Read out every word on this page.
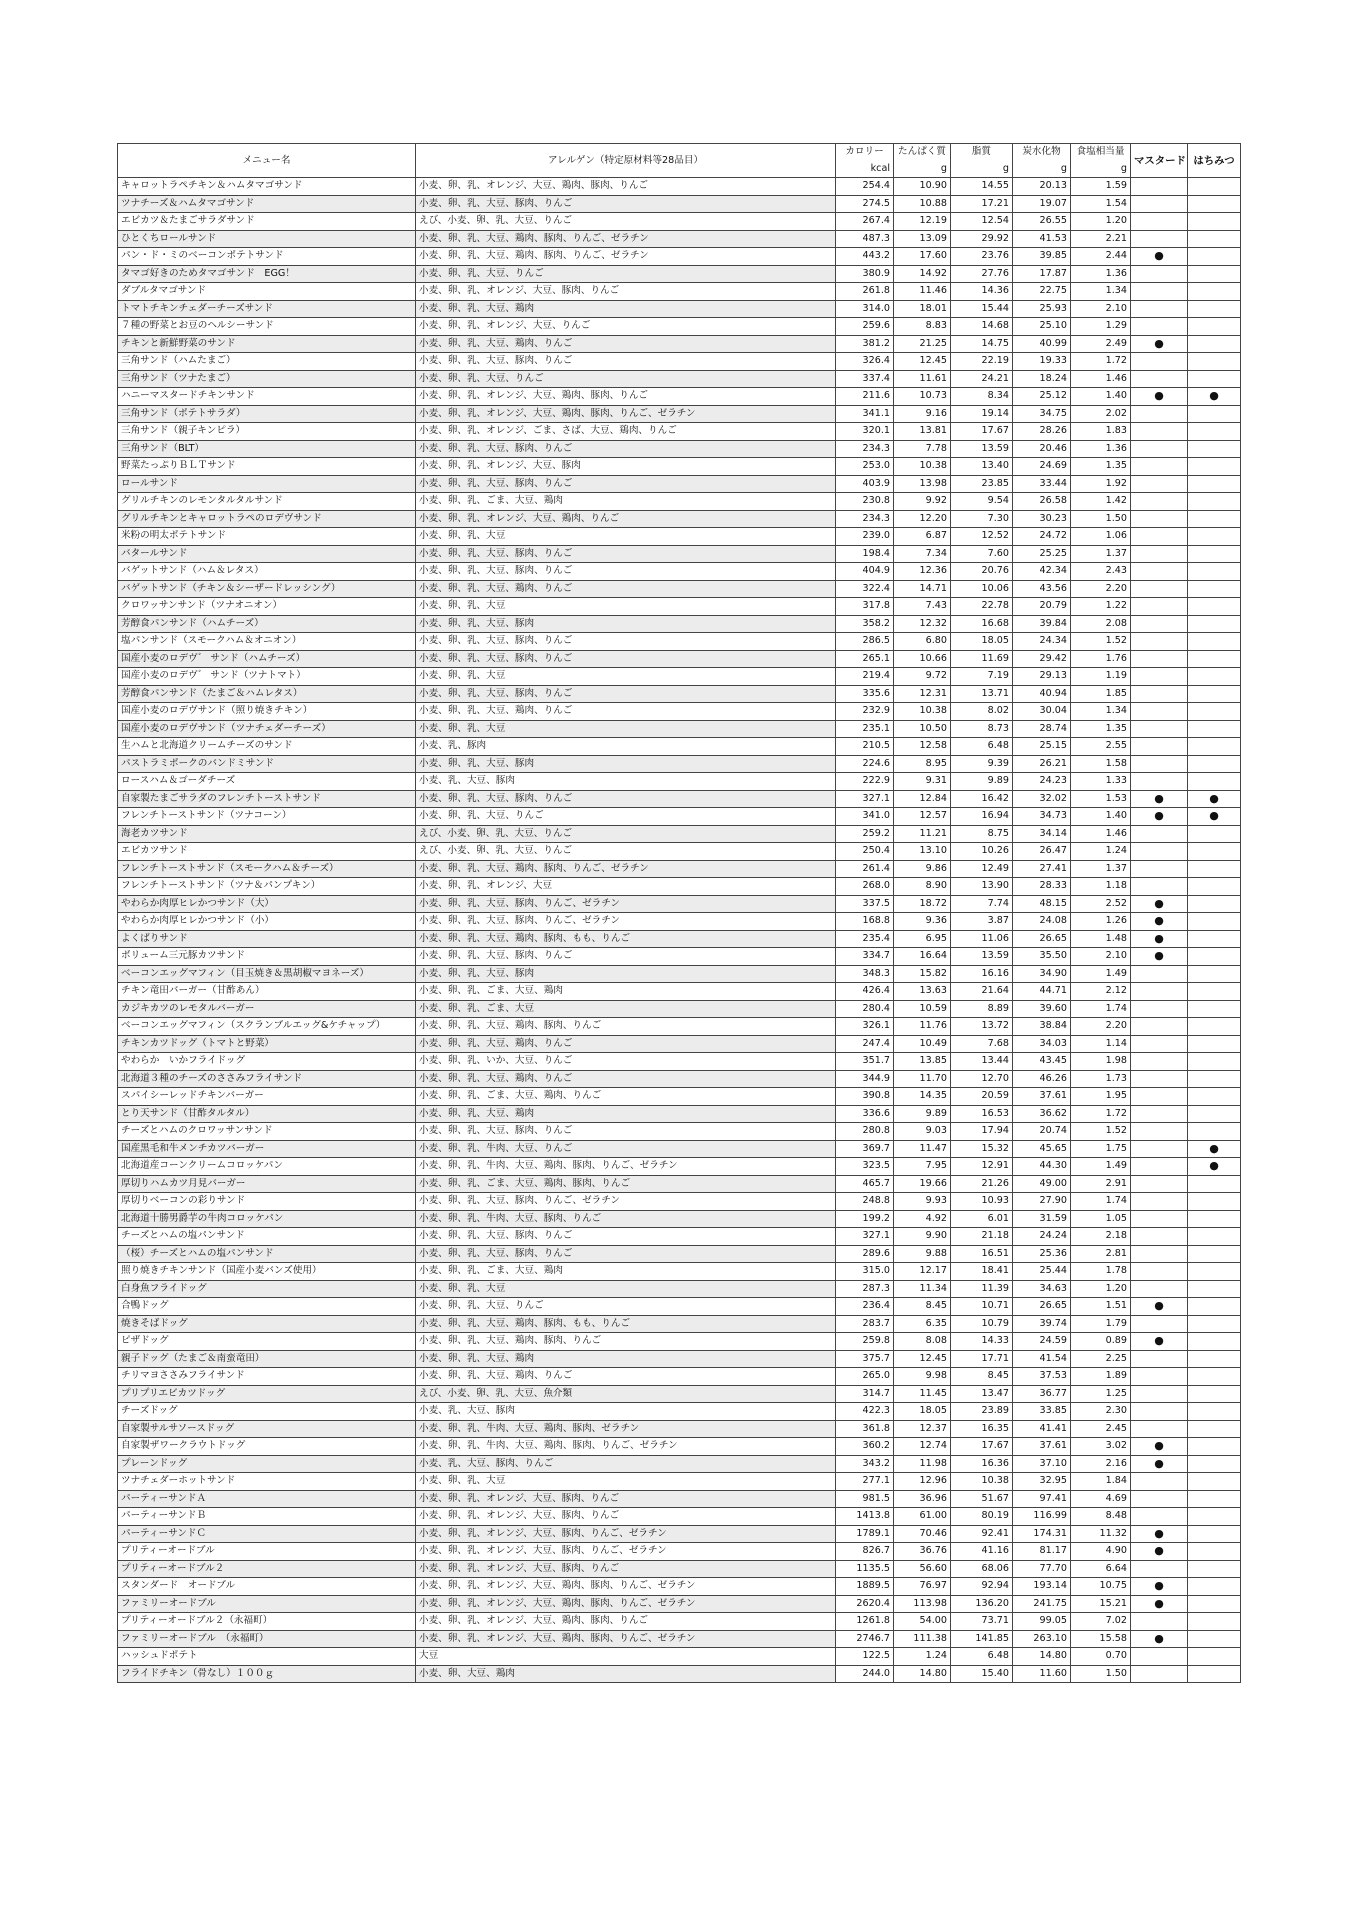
メニュー名	アレルゲン（特定原材料等28品目）	カロリー	たんぱく質	脂質	炭水化物	食塩相当量	マスタード	はちみつ
		kcal	g	g	g	g		
キャロットラペチキン＆ハムタマゴサンド	小麦、卵、乳、オレンジ、大豆、鶏肉、豚肉、りんご	254.4	10.90	14.55	20.13	1.59		
ツナチーズ＆ハムタマゴサンド	小麦、卵、乳、大豆、豚肉、りんご	274.5	10.88	17.21	19.07	1.54		
エビカツ＆たまごサラダサンド	えび、小麦、卵、乳、大豆、りんご	267.4	12.19	12.54	26.55	1.20		
ひとくちロールサンド	小麦、卵、乳、大豆、鶏肉、豚肉、りんご、ゼラチン	487.3	13.09	29.92	41.53	2.21		
パン・ド・ミのベーコンポテトサンド	小麦、卵、乳、大豆、鶏肉、豚肉、りんご、ゼラチン	443.2	17.60	23.76	39.85	2.44	●	
タマゴ好きのためタマゴサンド　EGG！	小麦、卵、乳、大豆、りんご	380.9	14.92	27.76	17.87	1.36		
ダブルタマゴサンド	小麦、卵、乳、オレンジ、大豆、豚肉、りんご	261.8	11.46	14.36	22.75	1.34		
トマトチキンチェダーチーズサンド	小麦、卵、乳、大豆、鶏肉	314.0	18.01	15.44	25.93	2.10		
７種の野菜とお豆のヘルシーサンド	小麦、卵、乳、オレンジ、大豆、りんご	259.6	8.83	14.68	25.10	1.29		
チキンと新鮮野菜のサンド	小麦、卵、乳、大豆、鶏肉、りんご	381.2	21.25	14.75	40.99	2.49	●	
三角サンド（ハムたまご）	小麦、卵、乳、大豆、豚肉、りんご	326.4	12.45	22.19	19.33	1.72		
三角サンド（ツナたまご）	小麦、卵、乳、大豆、りんご	337.4	11.61	24.21	18.24	1.46		
ハニーマスタードチキンサンド	小麦、卵、乳、オレンジ、大豆、鶏肉、豚肉、りんご	211.6	10.73	8.34	25.12	1.40	●	●
三角サンド（ポテトサラダ）	小麦、卵、乳、オレンジ、大豆、鶏肉、豚肉、りんご、ゼラチン	341.1	9.16	19.14	34.75	2.02		
三角サンド（親子キンピラ）	小麦、卵、乳、オレンジ、ごま、さば、大豆、鶏肉、りんご	320.1	13.81	17.67	28.26	1.83		
三角サンド（BLT）	小麦、卵、乳、大豆、豚肉、りんご	234.3	7.78	13.59	20.46	1.36		
野菜たっぷりＢＬＴサンド	小麦、卵、乳、オレンジ、大豆、豚肉	253.0	10.38	13.40	24.69	1.35		
ロールサンド	小麦、卵、乳、大豆、豚肉、りんご	403.9	13.98	23.85	33.44	1.92		
グリルチキンのレモンタルタルサンド	小麦、卵、乳、ごま、大豆、鶏肉	230.8	9.92	9.54	26.58	1.42		
グリルチキンとキャロットラペのロデヴサンド	小麦、卵、乳、オレンジ、大豆、鶏肉、りんご	234.3	12.20	7.30	30.23	1.50		
米粉の明太ポテトサンド	小麦、卵、乳、大豆	239.0	6.87	12.52	24.72	1.06		
バタールサンド	小麦、卵、乳、大豆、豚肉、りんご	198.4	7.34	7.60	25.25	1.37		
バゲットサンド（ハム＆レタス）	小麦、卵、乳、大豆、豚肉、りんご	404.9	12.36	20.76	42.34	2.43		
バゲットサンド（チキン＆シーザードレッシング）	小麦、卵、乳、大豆、鶏肉、りんご	322.4	14.71	10.06	43.56	2.20		
クロワッサンサンド（ツナオニオン）	小麦、卵、乳、大豆	317.8	7.43	22.78	20.79	1.22		
芳醇食パンサンド（ハムチーズ）	小麦、卵、乳、大豆、豚肉	358.2	12.32	16.68	39.84	2.08		
塩パンサンド（スモークハム＆オニオン）	小麦、卵、乳、大豆、豚肉、りんご	286.5	6.80	18.05	24.34	1.52		
国産小麦のロデヴ゛ サンド（ハムチーズ）	小麦、卵、乳、大豆、豚肉、りんご	265.1	10.66	11.69	29.42	1.76		
国産小麦のロデヴ゛ サンド（ツナトマト）	小麦、卵、乳、大豆	219.4	9.72	7.19	29.13	1.19		
芳醇食パンサンド（たまご＆ハムレタス）	小麦、卵、乳、大豆、豚肉、りんご	335.6	12.31	13.71	40.94	1.85		
国産小麦のロデヴサンド（照り焼きチキン）	小麦、卵、乳、大豆、鶏肉、りんご	232.9	10.38	8.02	30.04	1.34		
国産小麦のロデヴサンド（ツナチェダーチーズ）	小麦、卵、乳、大豆	235.1	10.50	8.73	28.74	1.35		
生ハムと北海道クリームチーズのサンド	小麦、乳、豚肉	210.5	12.58	6.48	25.15	2.55		
パストラミポークのバンドミサンド	小麦、卵、乳、大豆、豚肉	224.6	8.95	9.39	26.21	1.58		
ロースハム＆ゴーダチーズ	小麦、乳、大豆、豚肉	222.9	9.31	9.89	24.23	1.33		
自家製たまごサラダのフレンチトーストサンド	小麦、卵、乳、大豆、豚肉、りんご	327.1	12.84	16.42	32.02	1.53	●	●
フレンチトーストサンド（ツナコーン）	小麦、卵、乳、大豆、りんご	341.0	12.57	16.94	34.73	1.40	●	●
海老カツサンド	えび、小麦、卵、乳、大豆、りんご	259.2	11.21	8.75	34.14	1.46		
エビカツサンド	えび、小麦、卵、乳、大豆、りんご	250.4	13.10	10.26	26.47	1.24		
フレンチトーストサンド（スモークハム＆チーズ）	小麦、卵、乳、大豆、鶏肉、豚肉、りんご、ゼラチン	261.4	9.86	12.49	27.41	1.37		
フレンチトーストサンド（ツナ＆パンプキン）	小麦、卵、乳、オレンジ、大豆	268.0	8.90	13.90	28.33	1.18		
やわらか肉厚ヒレかつサンド（大）	小麦、卵、乳、大豆、豚肉、りんご、ゼラチン	337.5	18.72	7.74	48.15	2.52	●	
やわらか肉厚ヒレかつサンド（小）	小麦、卵、乳、大豆、豚肉、りんご、ゼラチン	168.8	9.36	3.87	24.08	1.26	●	
よくばりサンド	小麦、卵、乳、大豆、鶏肉、豚肉、もも、りんご	235.4	6.95	11.06	26.65	1.48	●	
ボリューム三元豚カツサンド	小麦、卵、乳、大豆、豚肉、りんご	334.7	16.64	13.59	35.50	2.10	●	
ベーコンエッグマフィン（目玉焼き＆黒胡椒マヨネーズ）	小麦、卵、乳、大豆、豚肉	348.3	15.82	16.16	34.90	1.49		
チキン竜田バーガー（甘酢あん）	小麦、卵、乳、ごま、大豆、鶏肉	426.4	13.63	21.64	44.71	2.12		
カジキカツのレモタルバーガー	小麦、卵、乳、ごま、大豆	280.4	10.59	8.89	39.60	1.74		
ベーコンエッグマフィン（スクランブルエッグ&ケチャップ）	小麦、卵、乳、大豆、鶏肉、豚肉、りんご	326.1	11.76	13.72	38.84	2.20		
チキンカツドッグ（トマトと野菜）	小麦、卵、乳、大豆、鶏肉、りんご	247.4	10.49	7.68	34.03	1.14		
やわらか　いかフライドッグ	小麦、卵、乳、いか、大豆、りんご	351.7	13.85	13.44	43.45	1.98		
北海道３種のチーズのささみフライサンド	小麦、卵、乳、大豆、鶏肉、りんご	344.9	11.70	12.70	46.26	1.73		
スパイシーレッドチキンバーガー	小麦、卵、乳、ごま、大豆、鶏肉、りんご	390.8	14.35	20.59	37.61	1.95		
とり天サンド（甘酢タルタル）	小麦、卵、乳、大豆、鶏肉	336.6	9.89	16.53	36.62	1.72		
チーズとハムのクロワッサンサンド	小麦、卵、乳、大豆、豚肉、りんご	280.8	9.03	17.94	20.74	1.52		
国産黒毛和牛メンチカツバーガー	小麦、卵、乳、牛肉、大豆、りんご	369.7	11.47	15.32	45.65	1.75		●
北海道産コーンクリームコロッケパン	小麦、卵、乳、牛肉、大豆、鶏肉、豚肉、りんご、ゼラチン	323.5	7.95	12.91	44.30	1.49		●
厚切りハムカツ月見バーガー	小麦、卵、乳、ごま、大豆、鶏肉、豚肉、りんご	465.7	19.66	21.26	49.00	2.91		
厚切りベーコンの彩りサンド	小麦、卵、乳、大豆、豚肉、りんご、ゼラチン	248.8	9.93	10.93	27.90	1.74		
北海道十勝男爵芋の牛肉コロッケパン	小麦、卵、乳、牛肉、大豆、豚肉、りんご	199.2	4.92	6.01	31.59	1.05		
チーズとハムの塩パンサンド	小麦、卵、乳、大豆、豚肉、りんご	327.1	9.90	21.18	24.24	2.18		
（桜）チーズとハムの塩パンサンド	小麦、卵、乳、大豆、豚肉、りんご	289.6	9.88	16.51	25.36	2.81		
照り焼きチキンサンド（国産小麦バンズ使用）	小麦、卵、乳、ごま、大豆、鶏肉	315.0	12.17	18.41	25.44	1.78		
白身魚フライドッグ	小麦、卵、乳、大豆	287.3	11.34	11.39	34.63	1.20		
合鴨ドッグ	小麦、卵、乳、大豆、りんご	236.4	8.45	10.71	26.65	1.51	●	
焼きそばドッグ	小麦、卵、乳、大豆、鶏肉、豚肉、もも、りんご	283.7	6.35	10.79	39.74	1.79		
ピザドッグ	小麦、卵、乳、大豆、鶏肉、豚肉、りんご	259.8	8.08	14.33	24.59	0.89	●	
親子ドッグ（たまご＆南蛮竜田）	小麦、卵、乳、大豆、鶏肉	375.7	12.45	17.71	41.54	2.25		
チリマヨささみフライサンド	小麦、卵、乳、大豆、鶏肉、りんご	265.0	9.98	8.45	37.53	1.89		
プリプリエビカツドッグ	えび、小麦、卵、乳、大豆、魚介類	314.7	11.45	13.47	36.77	1.25		
チーズドッグ	小麦、乳、大豆、豚肉	422.3	18.05	23.89	33.85	2.30		
自家製サルサソースドッグ	小麦、卵、乳、牛肉、大豆、鶏肉、豚肉、ゼラチン	361.8	12.37	16.35	41.41	2.45		
自家製ザワークラウトドッグ	小麦、卵、乳、牛肉、大豆、鶏肉、豚肉、りんご、ゼラチン	360.2	12.74	17.67	37.61	3.02	●	
プレーンドッグ	小麦、乳、大豆、豚肉、りんご	343.2	11.98	16.36	37.10	2.16	●	
ツナチェダーホットサンド	小麦、卵、乳、大豆	277.1	12.96	10.38	32.95	1.84		
パーティーサンドＡ	小麦、卵、乳、オレンジ、大豆、豚肉、りんご	981.5	36.96	51.67	97.41	4.69		
パーティーサンドＢ	小麦、卵、乳、オレンジ、大豆、豚肉、りんご	1413.8	61.00	80.19	116.99	8.48		
パーティーサンドＣ	小麦、卵、乳、オレンジ、大豆、豚肉、りんご、ゼラチン	1789.1	70.46	92.41	174.31	11.32	●	
プリティーオードブル	小麦、卵、乳、オレンジ、大豆、豚肉、りんご、ゼラチン	826.7	36.76	41.16	81.17	4.90	●	
プリティーオードブル２	小麦、卵、乳、オレンジ、大豆、豚肉、りんご	1135.5	56.60	68.06	77.70	6.64		
スタンダード　オードブル	小麦、卵、乳、オレンジ、大豆、鶏肉、豚肉、りんご、ゼラチン	1889.5	76.97	92.94	193.14	10.75	●	
ファミリーオードブル	小麦、卵、乳、オレンジ、大豆、鶏肉、豚肉、りんご、ゼラチン	2620.4	113.98	136.20	241.75	15.21	●	
プリティーオードブル２（永福町）	小麦、卵、乳、オレンジ、大豆、鶏肉、豚肉、りんご	1261.8	54.00	73.71	99.05	7.02		
ファミリーオードブル　（永福町）	小麦、卵、乳、オレンジ、大豆、鶏肉、豚肉、りんご、ゼラチン	2746.7	111.38	141.85	263.10	15.58	●	
ハッシュドポテト	大豆	122.5	1.24	6.48	14.80	0.70		
フライドチキン（骨なし）１００ｇ	小麦、卵、大豆、鶏肉	244.0	14.80	15.40	11.60	1.50		
